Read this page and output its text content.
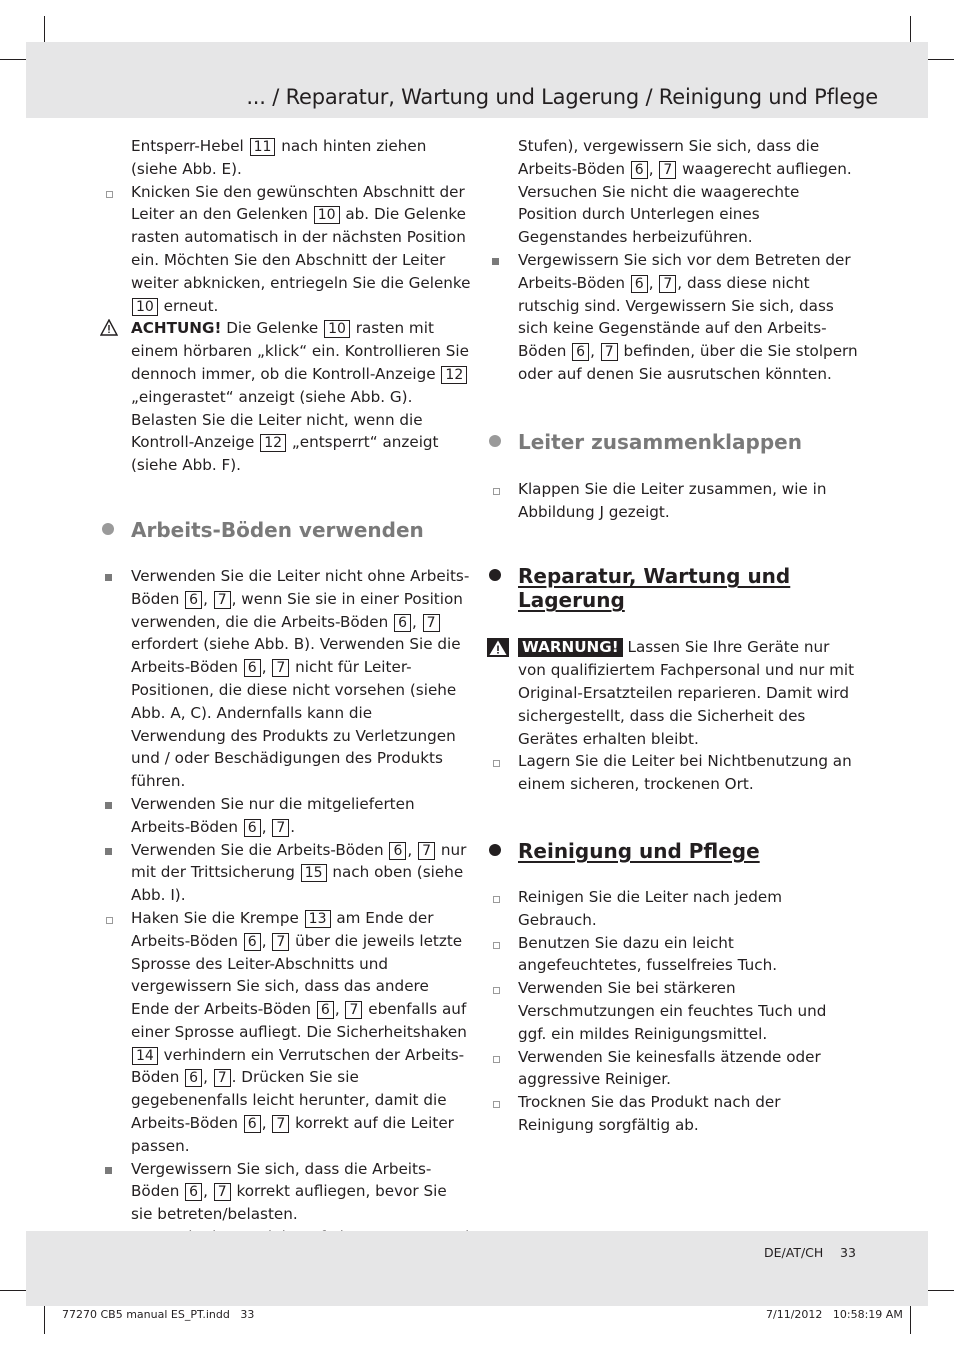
... / Reparatur, Wartung und Lagerung / Reinigung und Pflege

Entsperr-Hebel 11 nach hinten ziehen (siehe Abb. E).

Knicken Sie den gewünschten Abschnitt der Leiter an den Gelenken 10 ab. Die Gelenke rasten automatisch in der nächsten Position ein. Möchten Sie den Abschnitt der Leiter weiter abknicken, entriegeln Sie die Gelenke 10 erneut.

ACHTUNG! Die Gelenke 10 rasten mit einem hörbaren „klick“ ein. Kontrollieren Sie dennoch immer, ob die Kontroll-Anzeige 12 „eingerastet“ anzeigt (siehe Abb. G). Belasten Sie die Leiter nicht, wenn die Kontroll-Anzeige 12 „entsperrt“ anzeigt (siehe Abb. F).

Arbeits-Böden verwenden

Verwenden Sie die Leiter nicht ohne Arbeits-Böden 6 , 7 , wenn Sie sie in einer Position verwenden, die die Arbeits-Böden 6 , 7 erfordert (siehe Abb. B). Verwenden Sie die Arbeits-Böden 6 , 7 nicht für Leiter-Positionen, die diese nicht vorsehen (siehe Abb. A, C). Andernfalls kann die Verwendung des Produkts zu Verletzungen und / oder Beschädigungen des Produkts führen.

Verwenden Sie nur die mitgelieferten Arbeits-Böden 6 , 7 .

Verwenden Sie die Arbeits-Böden 6 , 7 nur mit der Trittsicherung 15 nach oben (siehe Abb. I).

Haken Sie die Krempe 13 am Ende der Arbeits-Böden 6 , 7 über die jeweils letzte Sprosse des Leiter-Abschnitts und vergewissern Sie sich, dass das andere Ende der Arbeits-Böden 6 , 7 ebenfalls auf einer Sprosse aufliegt. Die Sicherheitshaken 14 verhindern ein Verrutschen der Arbeits-Böden 6 , 7 . Drücken Sie sie gegebenenfalls leicht herunter, damit die Arbeits-Böden 6 , 7 korrekt auf die Leiter passen.

Vergewissern Sie sich, dass die Arbeits-Böden 6 , 7 korrekt aufliegen, bevor Sie sie betreten/belasten.

Stufen), vergewissern Sie sich, dass die Arbeits-Böden 6 , 7 waagerecht aufliegen. Versuchen Sie nicht die waagerechte Position durch Unterlegen eines Gegenstandes herbeizuführen.

Vergewissern Sie sich vor dem Betreten der Arbeits-Böden 6 , 7 , dass diese nicht rutschig sind. Vergewissern Sie sich, dass sich keine Gegenstände auf den Arbeits-Böden 6 , 7 befinden, über die Sie stolpern oder auf denen Sie ausrutschen könnten.

Leiter zusammenklappen

Klappen Sie die Leiter zusammen, wie in Abbildung J gezeigt.

Reparatur, Wartung und Lagerung

WARNUNG! Lassen Sie Ihre Geräte nur von qualifiziertem Fachpersonal und nur mit Original-Ersatzteilen reparieren. Damit wird sichergestellt, dass die Sicherheit des Gerätes erhalten bleibt.

Lagern Sie die Leiter bei Nichtbenutzung an einem sicheren, trockenen Ort.

Reinigung und Pflege

Reinigen Sie die Leiter nach jedem Gebrauch.

Benutzen Sie dazu ein leicht angefeuchtetes, fusselfreies Tuch.

Verwenden Sie bei stärkeren Verschmutzungen ein feuchtes Tuch und ggf. ein mildes Reinigungsmittel.

Verwenden Sie keinesfalls ätzende oder aggressive Reiniger.

Trocknen Sie das Produkt nach der Reinigung sorgfältig ab.

DE/AT/CH 33
77270 CB5 manual ES_PT.indd   33	7/11/2012   10:58:19 AM
